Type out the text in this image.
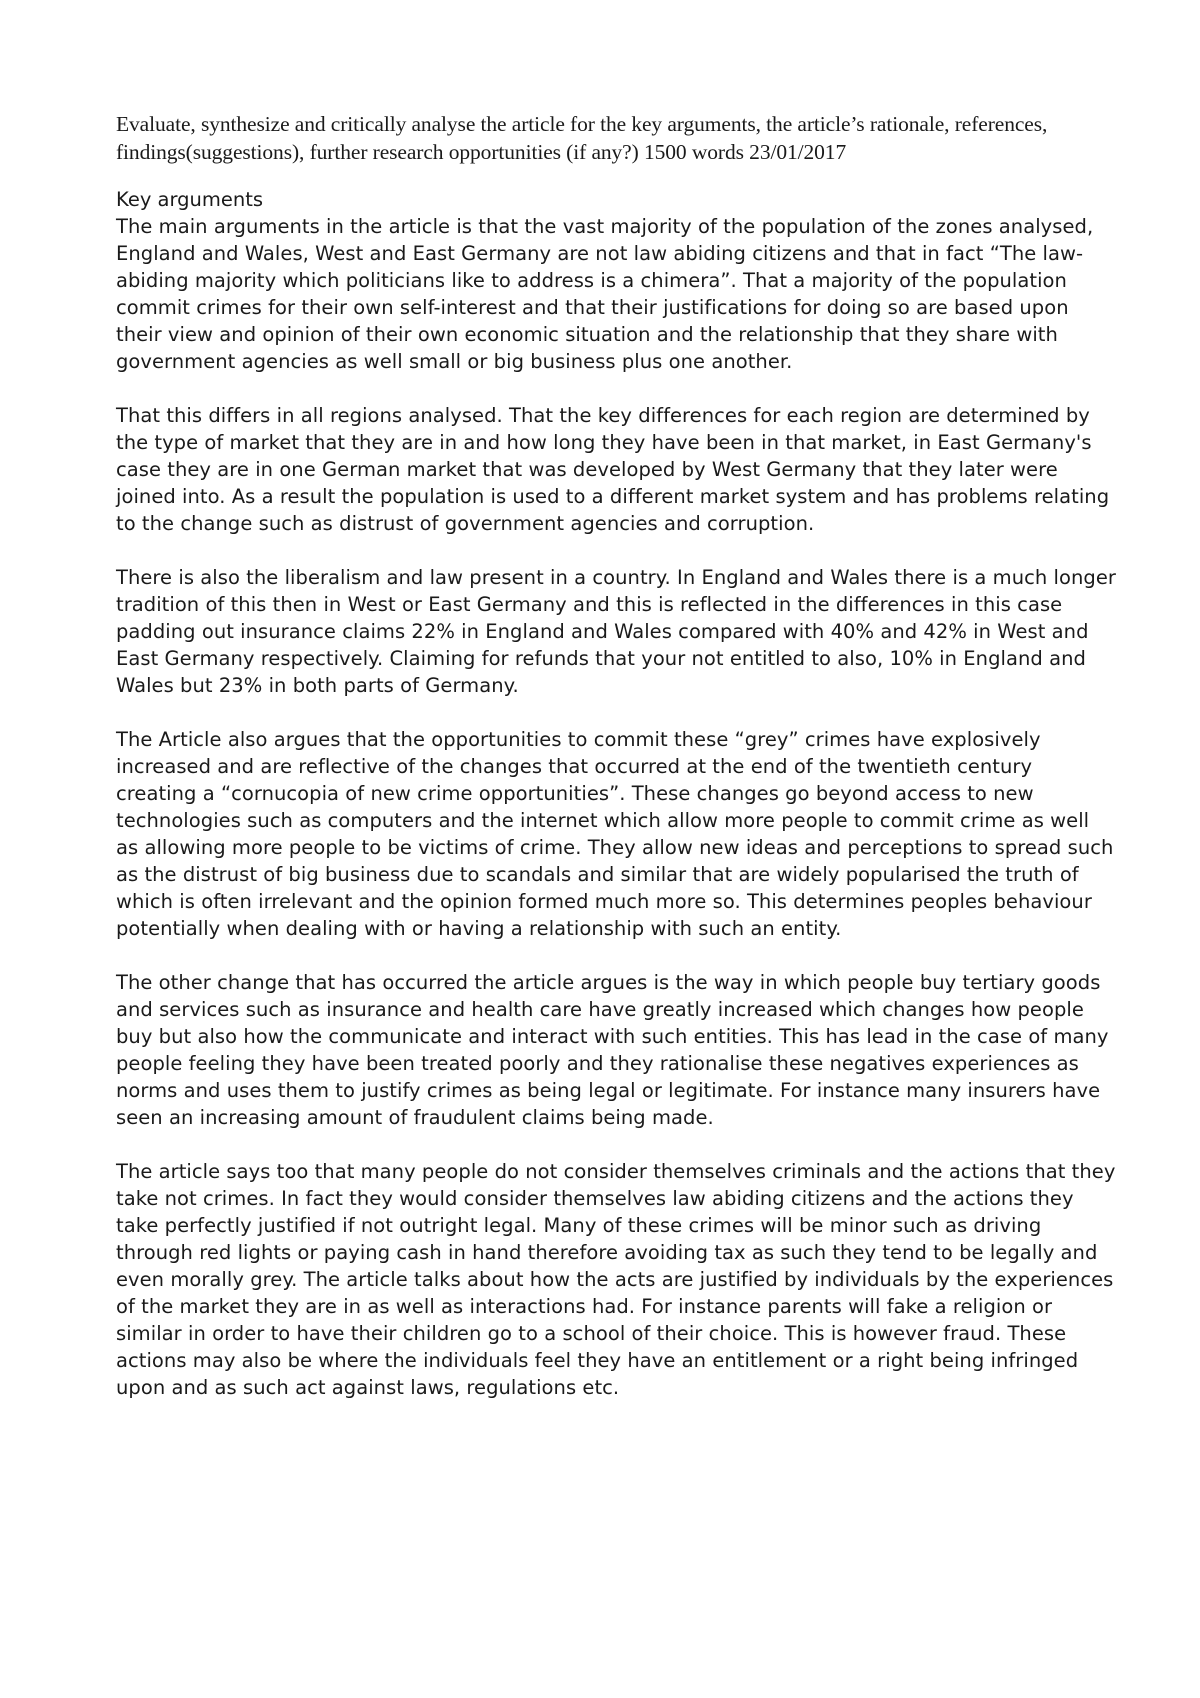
Evaluate, synthesize and critically analyse the article for the key arguments, the article’s rationale, references, findings(suggestions), further research opportunities (if any?) 1500 words 23/01/2017

Key arguments

The main arguments in the article is that the vast majority of the population of the zones analysed, England and Wales, West and East Germany are not law abiding citizens and that in fact “The law-abiding majority which politicians like to address is a chimera”. That a majority of the population commit crimes for their own self-interest and that their justifications for doing so are based upon their view and opinion of their own economic situation and the relationship that they share with government agencies as well small or big business plus one another.

That this differs in all regions analysed. That the key differences for each region are determined by the type of market that they are in and how long they have been in that market, in East Germany's case they are in one German market that was developed by West Germany that they later were joined into. As a result the population is used to a different market system and has problems relating to the change such as distrust of government agencies and corruption.

There is also the liberalism and law present in a country. In England and Wales there is a much longer tradition of this then in West or East Germany and this is reflected in the differences in this case padding out insurance claims 22% in England and Wales compared with 40% and 42% in West and East Germany respectively. Claiming for refunds that your not entitled to also, 10% in England and Wales but 23% in both parts of Germany.

The Article also argues that the opportunities to commit these “grey” crimes have explosively increased and are reflective of the changes that occurred at the end of the twentieth century creating a “cornucopia of new crime opportunities”. These changes go beyond access to new technologies such as computers and the internet which allow more people to commit crime as well as allowing more people to be victims of crime. They allow new ideas and perceptions to spread such as the distrust of big business due to scandals and similar that are widely popularised the truth of which is often irrelevant and the opinion formed much more so. This determines peoples behaviour potentially when dealing with or having a relationship with such an entity.

The other change that has occurred the article argues is the way in which people buy tertiary goods and services such as insurance and health care have greatly increased which changes how people buy but also how the communicate and interact with such entities. This has lead in the case of many people feeling they have been treated poorly and they rationalise these negatives experiences as norms and uses them to justify crimes as being legal or legitimate. For instance many insurers have seen an increasing amount of fraudulent claims being made.

The article says too that many people do not consider themselves criminals and the actions that they take not crimes. In fact they would consider themselves law abiding citizens and the actions they take perfectly justified if not outright legal. Many of these crimes will be minor such as driving through red lights or paying cash in hand therefore avoiding tax as such they tend to be legally and even morally grey. The article talks about how the acts are justified by individuals by the experiences of the market they are in as well as interactions had. For instance parents will fake a religion or similar in order to have their children go to a school of their choice. This is however fraud. These actions may also be where the individuals feel they have an entitlement or a right being infringed upon and as such act against laws, regulations etc.
